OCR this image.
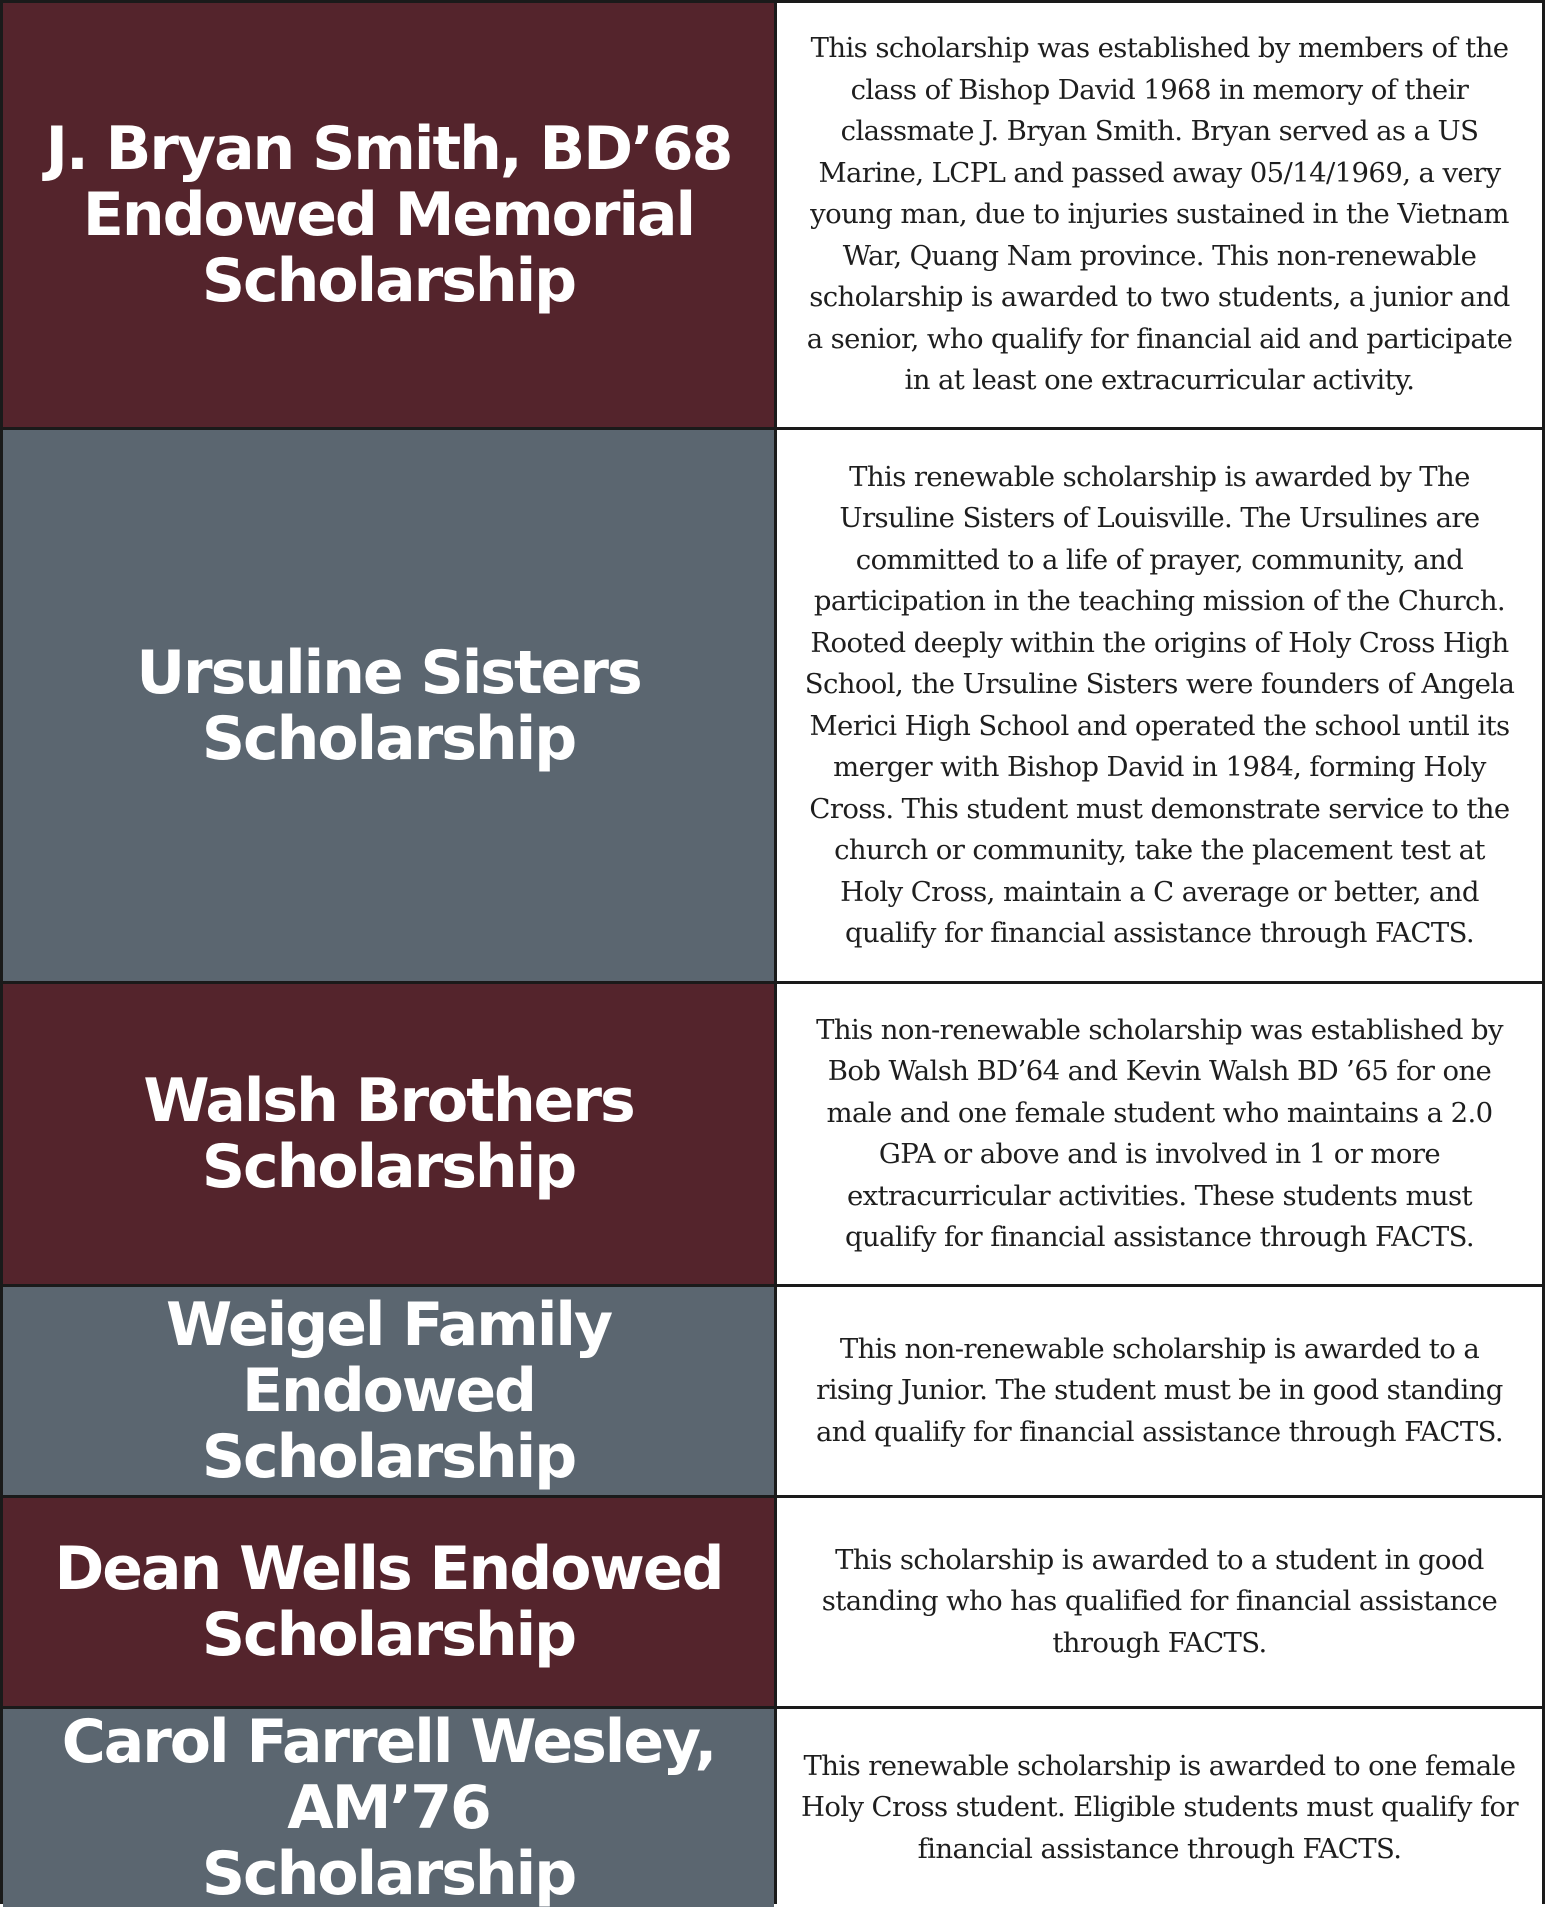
J. Bryan Smith, BD’68
Endowed Memorial
Scholarship
This scholarship was established by members of the class of Bishop David 1968 in memory of their classmate J. Bryan Smith. Bryan served as a US Marine, LCPL and passed away 05/14/1969, a very young man, due to injuries sustained in the Vietnam War, Quang Nam province. This non-renewable scholarship is awarded to two students, a junior and a senior, who qualify for financial aid and participate in at least one extracurricular activity.
Ursuline Sisters
Scholarship
This renewable scholarship is awarded by The Ursuline Sisters of Louisville. The Ursulines are committed to a life of prayer, community, and participation in the teaching mission of the Church. Rooted deeply within the origins of Holy Cross High School, the Ursuline Sisters were founders of Angela Merici High School and operated the school until its merger with Bishop David in 1984, forming Holy Cross. This student must demonstrate service to the church or community, take the placement test at Holy Cross, maintain a C average or better, and qualify for financial assistance through FACTS.
Walsh Brothers Scholarship
This non-renewable scholarship was established by Bob Walsh BD’64 and Kevin Walsh BD ’65 for one male and one female student who maintains a 2.0 GPA or above and is involved in 1 or more extracurricular activities. These students must qualify for financial assistance through FACTS.
Weigel Family Endowed
Scholarship
This non-renewable scholarship is awarded to a rising Junior. The student must be in good standing and qualify for financial assistance through FACTS.
Dean Wells Endowed
Scholarship
This scholarship is awarded to a student in good standing who has qualified for financial assistance through FACTS.
Carol Farrell Wesley, AM’76
Scholarship
This renewable scholarship is awarded to one female Holy Cross student. Eligible students must qualify for financial assistance through FACTS.
